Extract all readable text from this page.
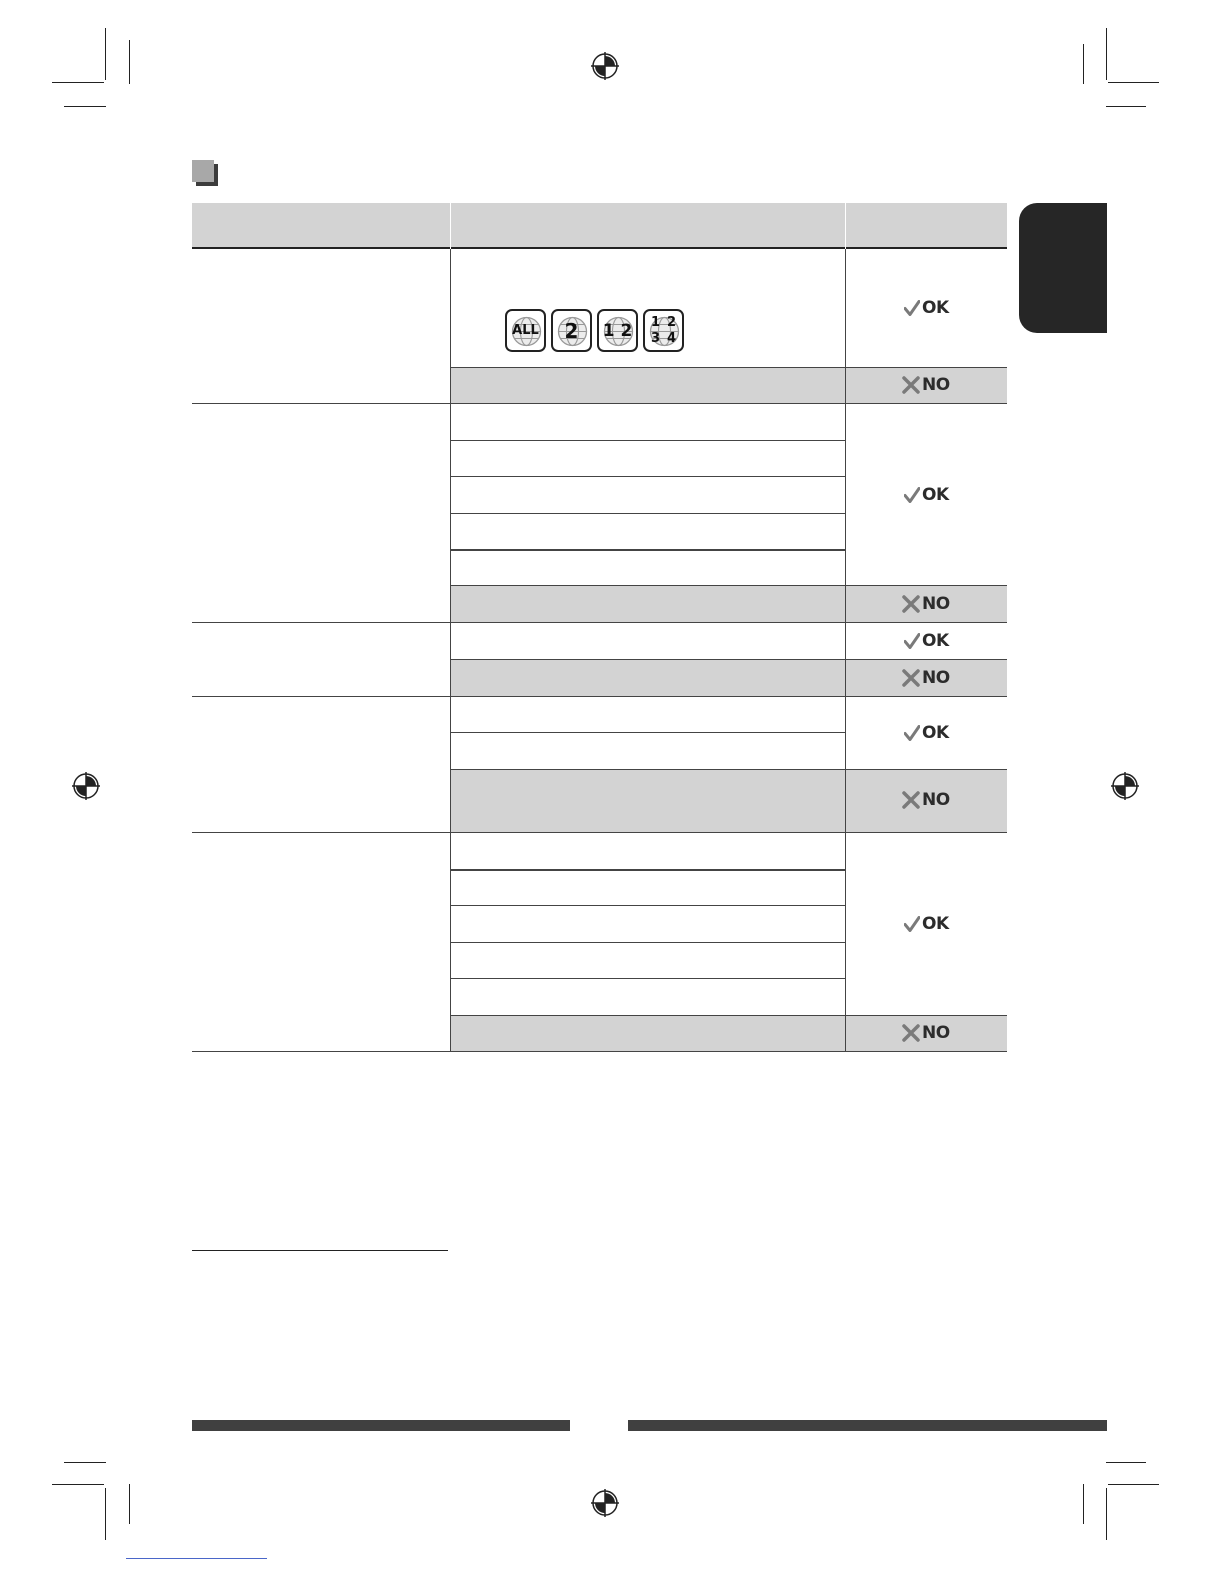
ALL 2 1 2 1 2
3 4
OK
NO
OK
NO
OK
NO
OK
NO
OK
NO
